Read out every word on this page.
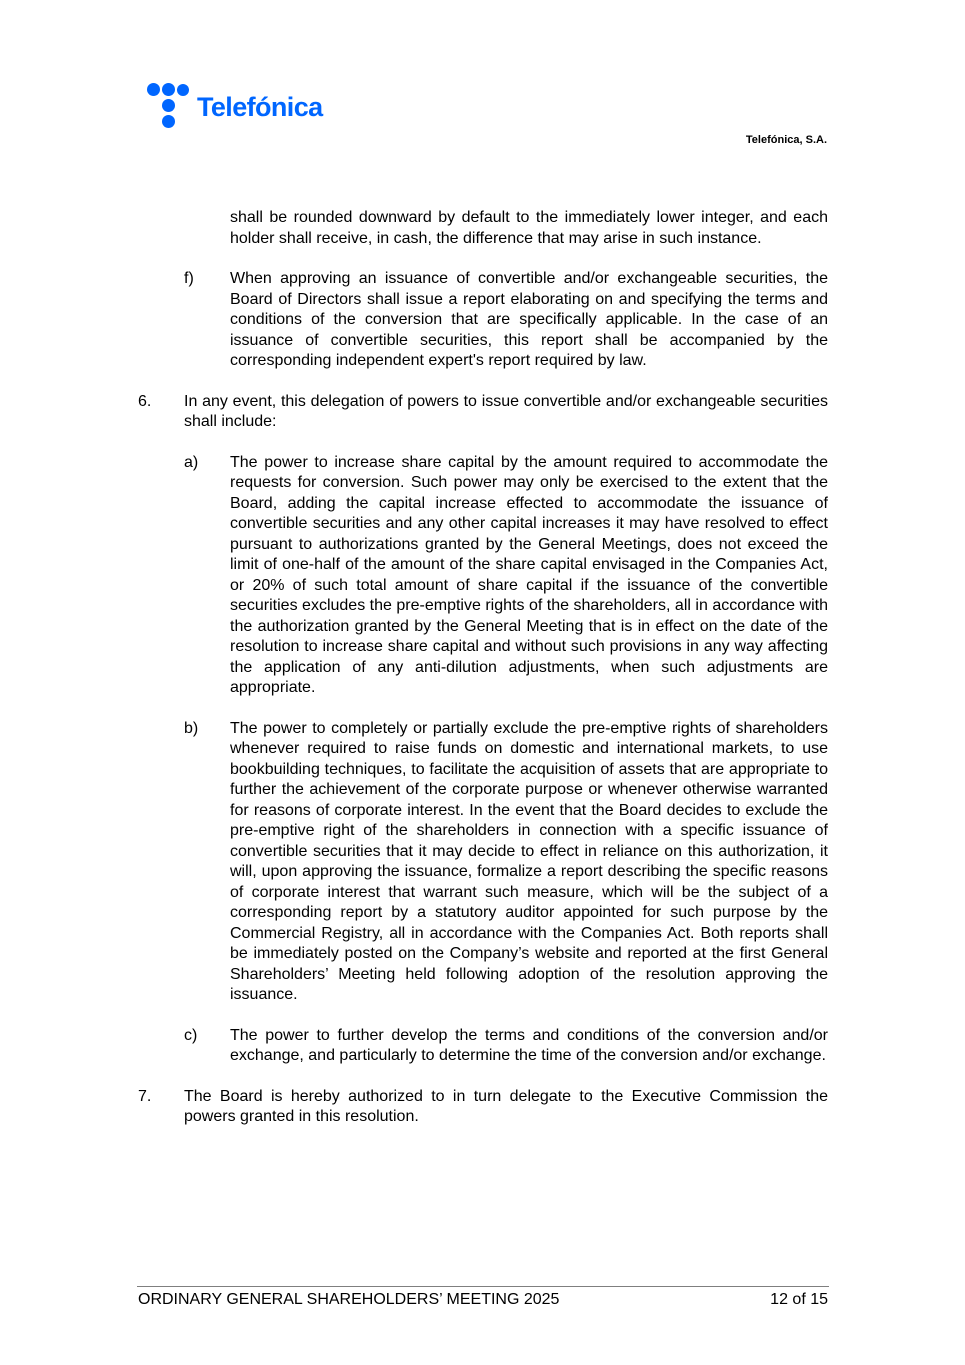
Telefónica
Telefónica, S.A.

shall be rounded downward by default to the immediately lower integer, and each holder shall receive, in cash, the difference that may arise in such instance.

f) When approving an issuance of convertible and/or exchangeable securities, the Board of Directors shall issue a report elaborating on and specifying the terms and conditions of the conversion that are specifically applicable. In the case of an issuance of convertible securities, this report shall be accompanied by the corresponding independent expert's report required by law.
6. In any event, this delegation of powers to issue convertible and/or exchangeable securities shall include:
a) The power to increase share capital by the amount required to accommodate the requests for conversion. Such power may only be exercised to the extent that the Board, adding the capital increase effected to accommodate the issuance of convertible securities and any other capital increases it may have resolved to effect pursuant to authorizations granted by the General Meetings, does not exceed the limit of one-half of the amount of the share capital envisaged in the Companies Act, or 20% of such total amount of share capital if the issuance of the convertible securities excludes the pre-emptive rights of the shareholders, all in accordance with the authorization granted by the General Meeting that is in effect on the date of the resolution to increase share capital and without such provisions in any way affecting the application of any anti-dilution adjustments, when such adjustments are appropriate.
b) The power to completely or partially exclude the pre-emptive rights of shareholders whenever required to raise funds on domestic and international markets, to use bookbuilding techniques, to facilitate the acquisition of assets that are appropriate to further the achievement of the corporate purpose or whenever otherwise warranted for reasons of corporate interest. In the event that the Board decides to exclude the pre-emptive right of the shareholders in connection with a specific issuance of convertible securities that it may decide to effect in reliance on this authorization, it will, upon approving the issuance, formalize a report describing the specific reasons of corporate interest that warrant such measure, which will be the subject of a corresponding report by a statutory auditor appointed for such purpose by the Commercial Registry, all in accordance with the Companies Act. Both reports shall be immediately posted on the Company’s website and reported at the first General Shareholders’ Meeting held following adoption of the resolution approving the issuance.
c) The power to further develop the terms and conditions of the conversion and/or exchange, and particularly to determine the time of the conversion and/or exchange.
7. The Board is hereby authorized to in turn delegate to the Executive Commission the powers granted in this resolution.
ORDINARY GENERAL SHAREHOLDERS’ MEETING 2025	12 of 15
